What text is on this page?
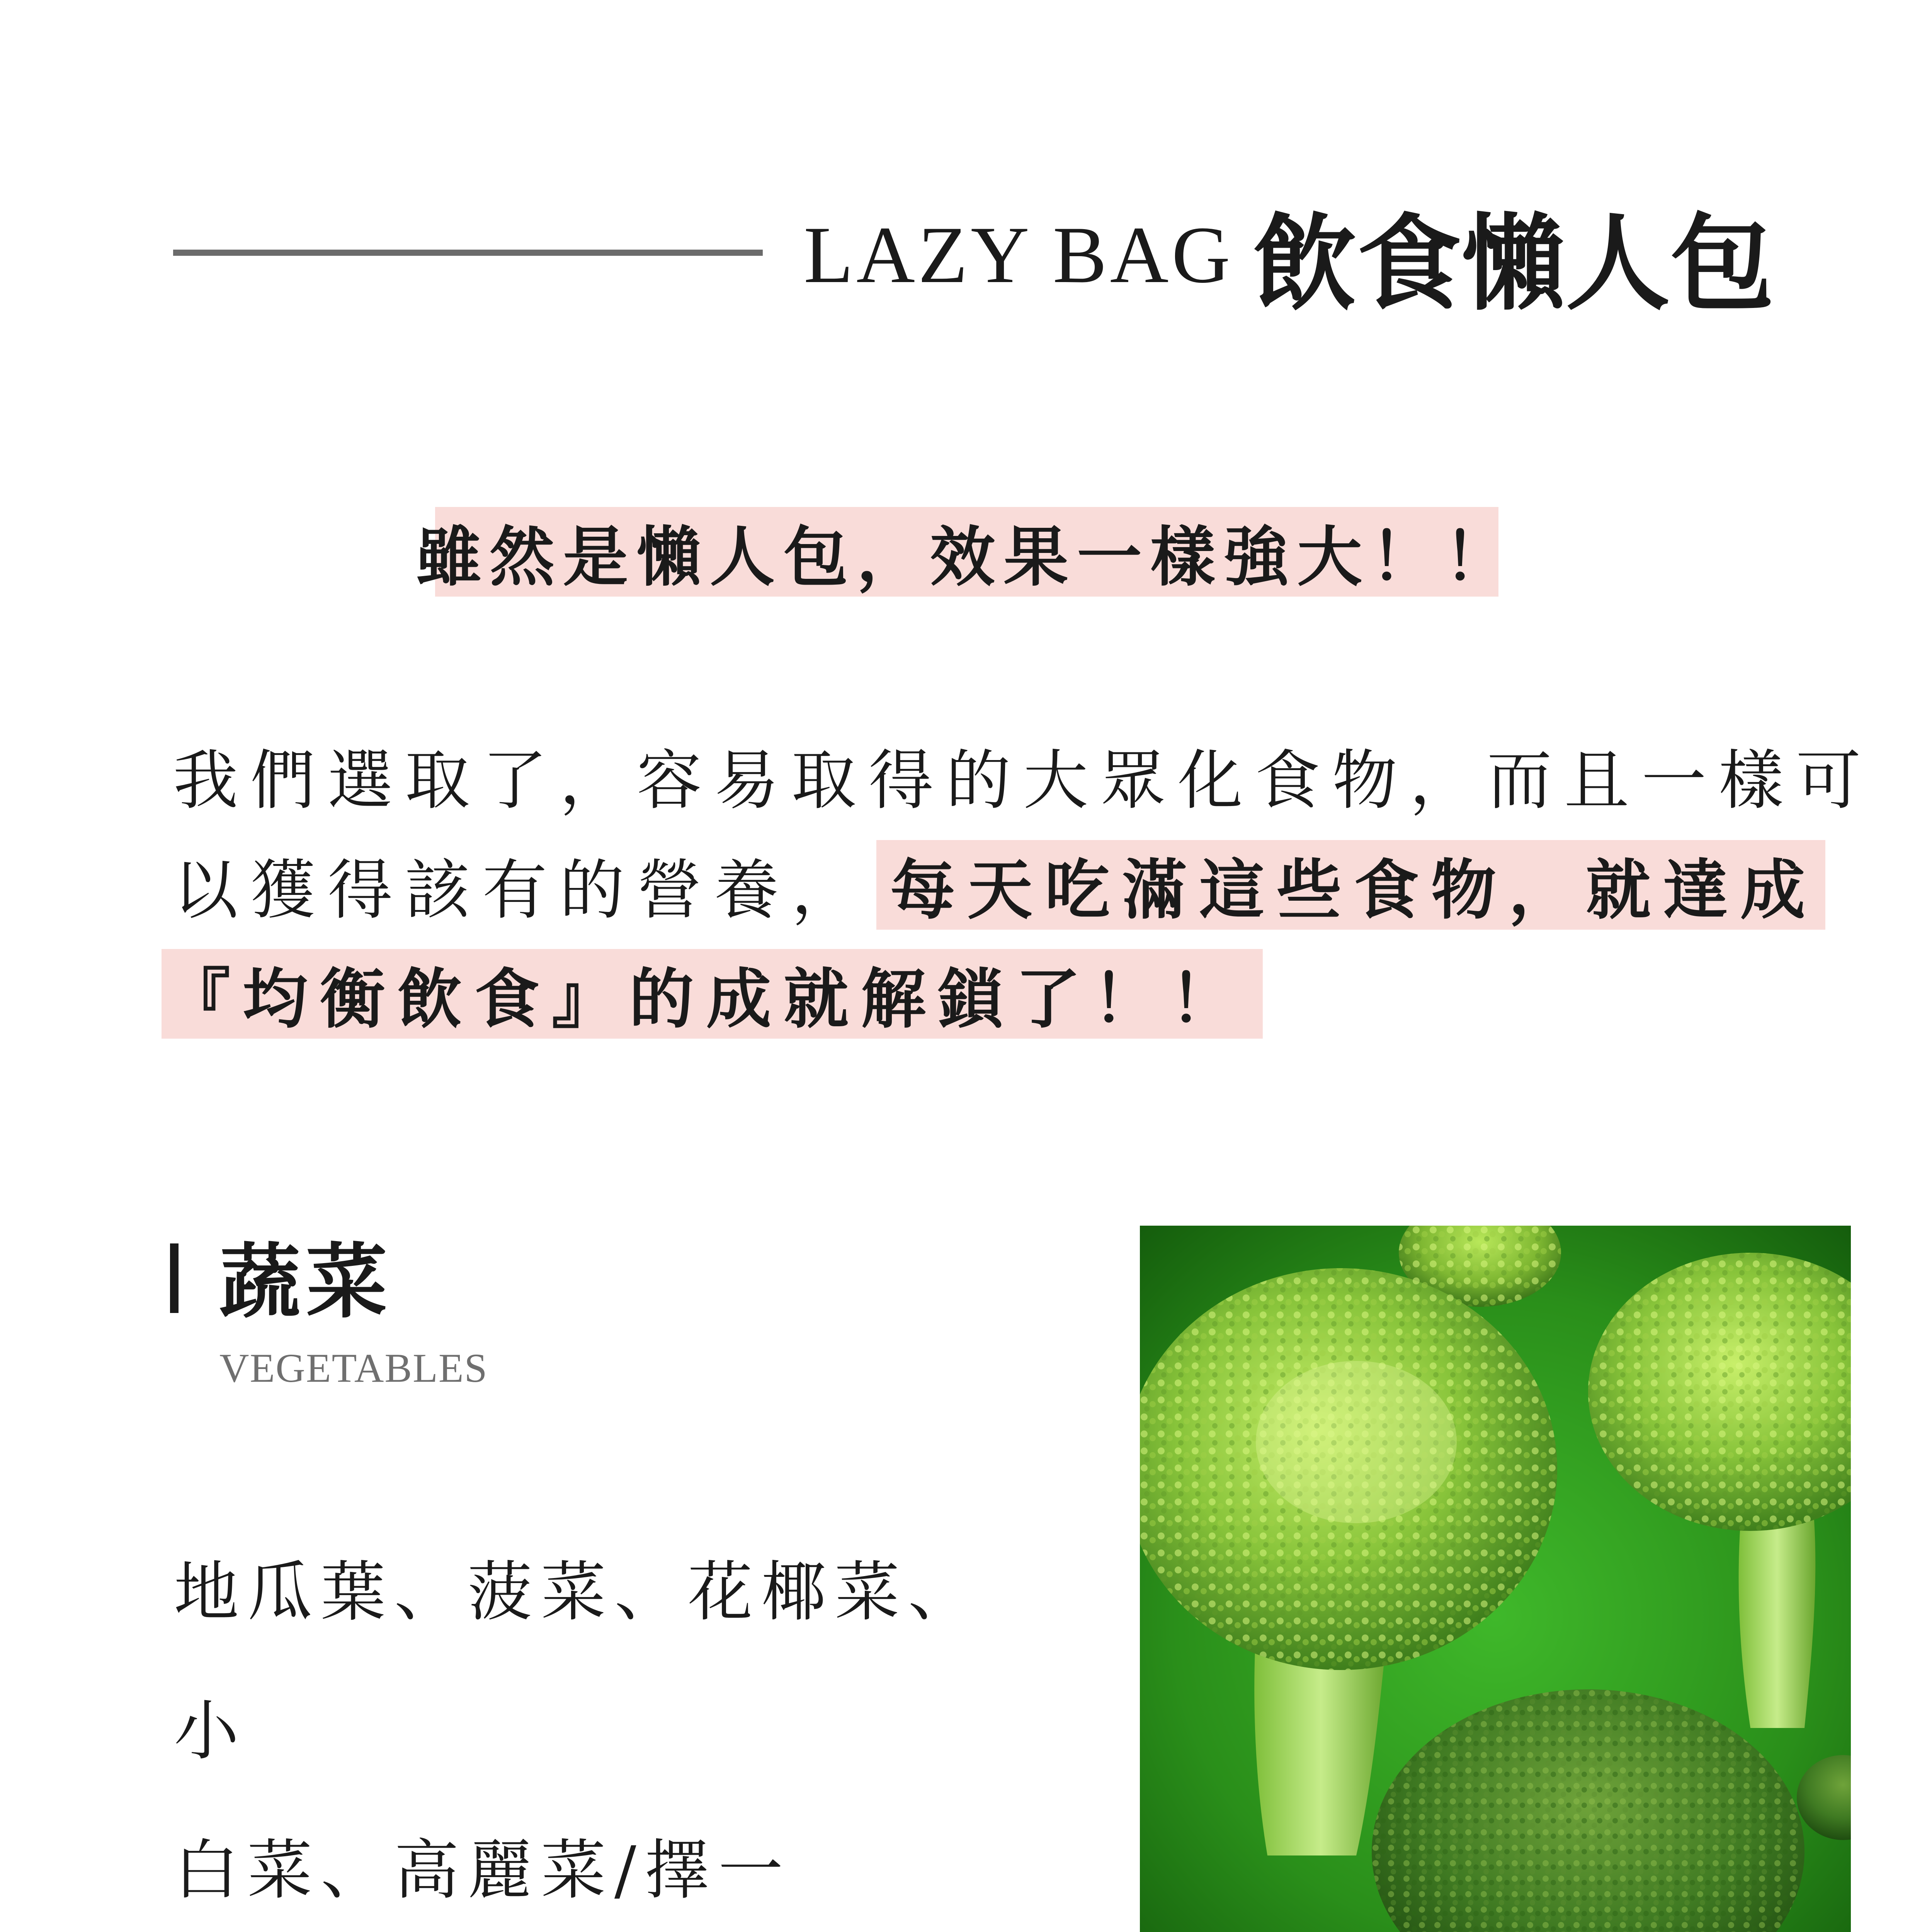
LAZY BAG 飲食懶人包
雖然是懶人包，效果一樣強大！！
我們選取了，容易取得的大眾化食物，而且一樣可
以獲得該有的營養， 每天吃滿這些食物，就達成
『均衡飲食』的成就解鎖了！！
蔬菜
VEGETABLES
地瓜葉、菠菜、花椰菜、小
白菜、高麗菜/擇一
